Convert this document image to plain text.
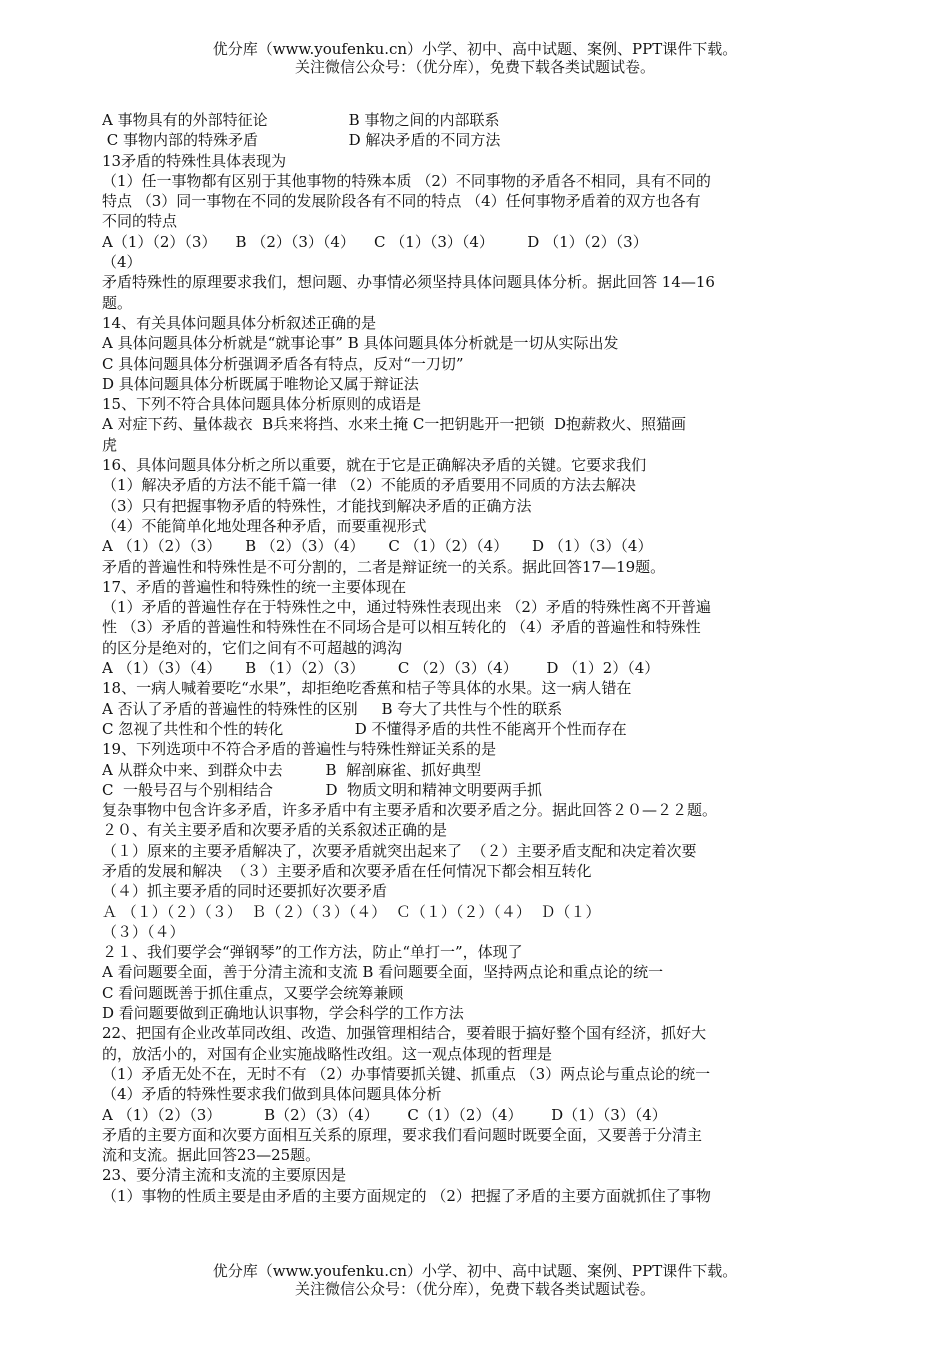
优分库（www.youfenku.cn）小学、初中、高中试题、案例、PPT课件下载。
关注微信公众号：（优分库），免费下载各类试题试卷。
A 事物具有的外部特征论                 B 事物之间的内部联系
C 事物内部的特殊矛盾                   D 解决矛盾的不同方法
13矛盾的特殊性具体表现为
（1）任一事物都有区别于其他事物的特殊本质 （2）不同事物的矛盾各不相同，具有不同的
特点 （3）同一事物在不同的发展阶段各有不同的特点 （4）任何事物矛盾着的双方也各有
不同的特点
A（1）（2）（3）    B （2）（3）（4）    C （1）（3）（4）       D （1）（2）（3）
（4）
矛盾特殊性的原理要求我们，想问题、办事情必须坚持具体问题具体分析。据此回答 14—16
题。
14、有关具体问题具体分析叙述正确的是
A 具体问题具体分析就是“就事论事” B 具体问题具体分析就是一切从实际出发
C 具体问题具体分析强调矛盾各有特点，反对“一刀切”
D 具体问题具体分析既属于唯物论又属于辩证法
15、下列不符合具体问题具体分析原则的成语是
A 对症下药、量体裁衣  B兵来将挡、水来土掩 C一把钥匙开一把锁  D抱薪救火、照猫画
虎
16、具体问题具体分析之所以重要，就在于它是正确解决矛盾的关键。它要求我们
（1）解决矛盾的方法不能千篇一律 （2）不能质的矛盾要用不同质的方法去解决
（3）只有把握事物矛盾的特殊性，才能找到解决矛盾的正确方法
（4）不能简单化地处理各种矛盾，而要重视形式
A （1）（2）（3）     B （2）（3）（4）     C （1）（2）（4）     D （1）（3）（4）
矛盾的普遍性和特殊性是不可分割的，二者是辩证统一的关系。据此回答17—19题。
17、矛盾的普遍性和特殊性的统一主要体现在
（1）矛盾的普遍性存在于特殊性之中，通过特殊性表现出来 （2）矛盾的特殊性离不开普遍
性 （3）矛盾的普遍性和特殊性在不同场合是可以相互转化的 （4）矛盾的普遍性和特殊性
的区分是绝对的，它们之间有不可超越的鸿沟
A （1）（3）（4）     B （1）（2）（3）       C （2）（3）（4）      D （1）2）（4）
18、一病人喊着要吃“水果”，却拒绝吃香蕉和桔子等具体的水果。这一病人错在
A 否认了矛盾的普遍性的特殊性的区别     B 夸大了共性与个性的联系
C 忽视了共性和个性的转化               D 不懂得矛盾的共性不能离开个性而存在
19、下列选项中不符合矛盾的普遍性与特殊性辩证关系的是
A 从群众中来、到群众中去         B  解剖麻雀、抓好典型
C  一般号召与个别相结合           D  物质文明和精神文明要两手抓
复杂事物中包含许多矛盾，许多矛盾中有主要矛盾和次要矛盾之分。据此回答２０—２２题。
２０、有关主要矛盾和次要矛盾的关系叙述正确的是
（１）原来的主要矛盾解决了，次要矛盾就突出起来了  （２）主要矛盾支配和决定着次要
矛盾的发展和解决  （３）主要矛盾和次要矛盾在任何情况下都会相互转化
（４）抓主要矛盾的同时还要抓好次要矛盾
Ａ （１）（２）（３）  Ｂ（２）（３）（４）  Ｃ（１）（２）（４）  Ｄ（１）
（３）（４）
２１、我们要学会“弹钢琴”的工作方法，防止“单打一”，体现了
A 看问题要全面，善于分清主流和支流 B 看问题要全面，坚持两点论和重点论的统一
C 看问题既善于抓住重点，又要学会统筹兼顾
D 看问题要做到正确地认识事物，学会科学的工作方法
22、把国有企业改革同改组、改造、加强管理相结合，要着眼于搞好整个国有经济，抓好大
的，放活小的，对国有企业实施战略性改组。这一观点体现的哲理是
（1）矛盾无处不在，无时不有 （2）办事情要抓关键、抓重点 （3）两点论与重点论的统一
（4）矛盾的特殊性要求我们做到具体问题具体分析
A （1）（2）（3）         B（2）（3）（4）      C（1）（2）（4）      D（1）（3）（4）
矛盾的主要方面和次要方面相互关系的原理，要求我们看问题时既要全面，又要善于分清主
流和支流。据此回答23—25题。
23、要分清主流和支流的主要原因是
（1）事物的性质主要是由矛盾的主要方面规定的 （2）把握了矛盾的主要方面就抓住了事物
优分库（www.youfenku.cn）小学、初中、高中试题、案例、PPT课件下载。
关注微信公众号：（优分库），免费下载各类试题试卷。
